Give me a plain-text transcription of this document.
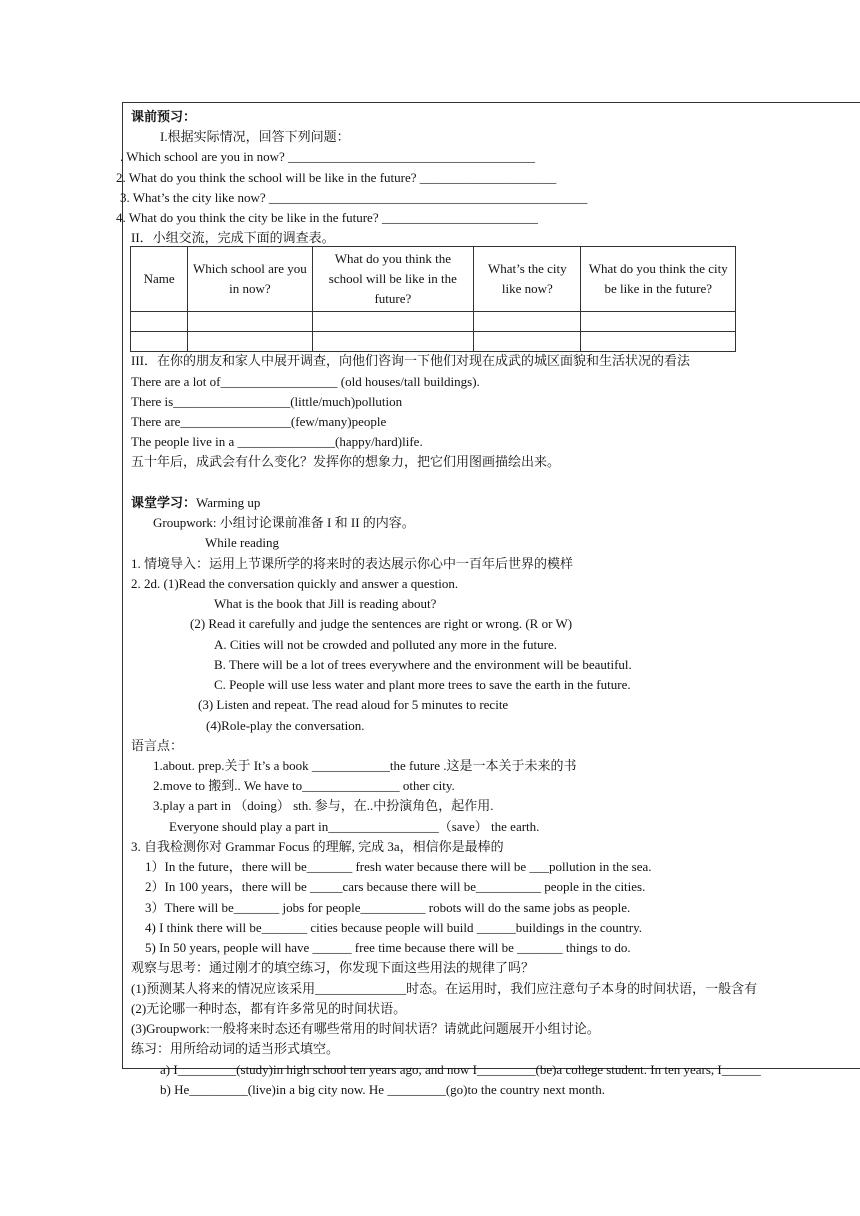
课前预习：
I.根据实际情况，回答下列问题：
. Which school are you in now? ______________________________________
2. What do you think the school will be like in the future? _____________________
3. What’s the city like now? _________________________________________________
4. What do you think the city be like in the future? ________________________
II．小组交流，完成下面的调查表。
Name	Which school are you in now?	What do you think the school will be like in the future?	What’s the city like now?	What do you think the city be like in the future?

III．在你的朋友和家人中展开调查，向他们咨询一下他们对现在成武的城区面貌和生活状况的看法
There are a lot of__________________ (old houses/tall buildings).
There is__________________(little/much)pollution
There are_________________(few/many)people
The people live in a _______________(happy/hard)life.
五十年后，成武会有什么变化？发挥你的想象力，把它们用图画描绘出来。
课堂学习：Warming up
Groupwork: 小组讨论课前准备 I 和 II 的内容。
While reading
1. 情境导入：运用上节课所学的将来时的表达展示你心中一百年后世界的模样
2. 2d. (1)Read the conversation quickly and answer a question.
What is the book that Jill is reading about?
(2) Read it carefully and judge the sentences are right or wrong. (R or W)
A. Cities will not be crowded and polluted any more in the future.
B. There will be a lot of trees everywhere and the environment will be beautiful.
C. People will use less water and plant more trees to save the earth in the future.
(3) Listen and repeat. The read aloud for 5 minutes to recite
(4)Role-play the conversation.
语言点：
1.about. prep.关于 It’s a book ____________the future .这是一本关于未来的书
2.move to 搬到.. We have to_______________ other city.
3.play a part in （doing） sth. 参与，在..中扮演角色，起作用.
Everyone should play a part in_________________（save） the earth.
3. 自我检测你对 Grammar Focus 的理解, 完成 3a，相信你是最棒的
1）In the future，there will be_______ fresh water because there will be ___pollution in the sea.
2）In 100 years，there will be _____cars because there will be__________ people in the cities.
3）There will be_______ jobs for people__________ robots will do the same jobs as people.
4) I think there will be_______ cities because people will build ______buildings in the country.
5) In 50 years, people will have ______ free time because there will be _______ things to do.
观察与思考：通过刚才的填空练习，你发现下面这些用法的规律了吗？
(1)预测某人将来的情况应该采用______________时态。在运用时，我们应注意句子本身的时间状语，一般含有
(2)无论哪一种时态，都有许多常见的时间状语。
(3)Groupwork:一般将来时态还有哪些常用的时间状语？请就此问题展开小组讨论。
练习：用所给动词的适当形式填空。
a) I_________(study)in high school ten years ago, and now I_________(be)a college student. In ten years, I______
b) He_________(live)in a big city now. He _________(go)to the country next month.
